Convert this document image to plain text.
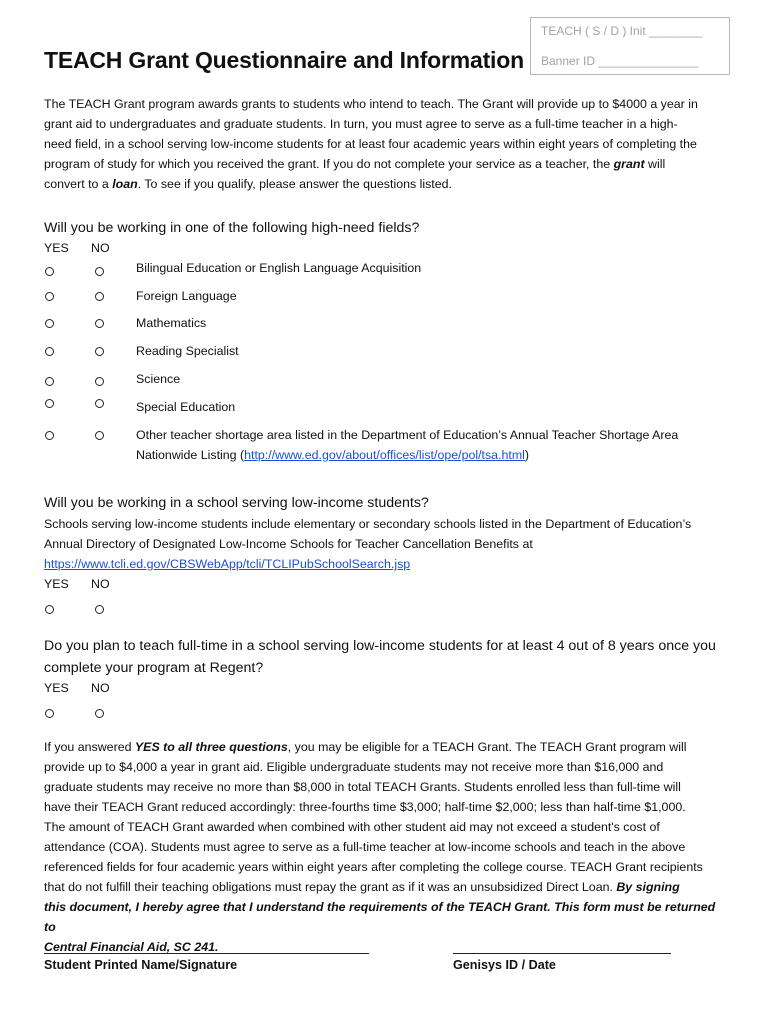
TEACH ( S / D ) Init ________
Banner ID _______________
TEACH Grant Questionnaire and Information
The TEACH Grant program awards grants to students who intend to teach. The Grant will provide up to $4000 a year in
grant aid to undergraduates and graduate students. In turn, you must agree to serve as a full-time teacher in a high-
need field, in a school serving low-income students for at least four academic years within eight years of completing the
program of study for which you received the grant. If you do not complete your service as a teacher, the grant will
convert to a loan. To see if you qualify, please answer the questions listed.
Will you be working in one of the following high-need fields?
YES NO
Bilingual Education or English Language Acquisition
Foreign Language
Mathematics
Reading Specialist
Science
Special Education
Other teacher shortage area listed in the Department of Education’s Annual Teacher Shortage Area
Nationwide Listing (http://www.ed.gov/about/offices/list/ope/pol/tsa.html)
Will you be working in a school serving low-income students?
Schools serving low-income students include elementary or secondary schools listed in the Department of Education’s
Annual Directory of Designated Low-Income Schools for Teacher Cancellation Benefits at
https://www.tcli.ed.gov/CBSWebApp/tcli/TCLIPubSchoolSearch.jsp
YES NO
Do you plan to teach full-time in a school serving low-income students for at least 4 out of 8 years once you
complete your program at Regent?
YES NO
If you answered YES to all three questions, you may be eligible for a TEACH Grant. The TEACH Grant program will
provide up to $4,000 a year in grant aid. Eligible undergraduate students may not receive more than $16,000 and
graduate students may receive no more than $8,000 in total TEACH Grants. Students enrolled less than full-time will
have their TEACH Grant reduced accordingly: three-fourths time $3,000; half-time $2,000; less than half-time $1,000.
The amount of TEACH Grant awarded when combined with other student aid may not exceed a student's cost of
attendance (COA). Students must agree to serve as a full-time teacher at low-income schools and teach in the above
referenced fields for four academic years within eight years after completing the college course. TEACH Grant recipients
that do not fulfill their teaching obligations must repay the grant as if it was an unsubsidized Direct Loan. By signing
this document, I hereby agree that I understand the requirements of the TEACH Grant. This form must be returned to
Central Financial Aid, SC 241.
Student Printed Name/Signature	Genisys ID / Date
